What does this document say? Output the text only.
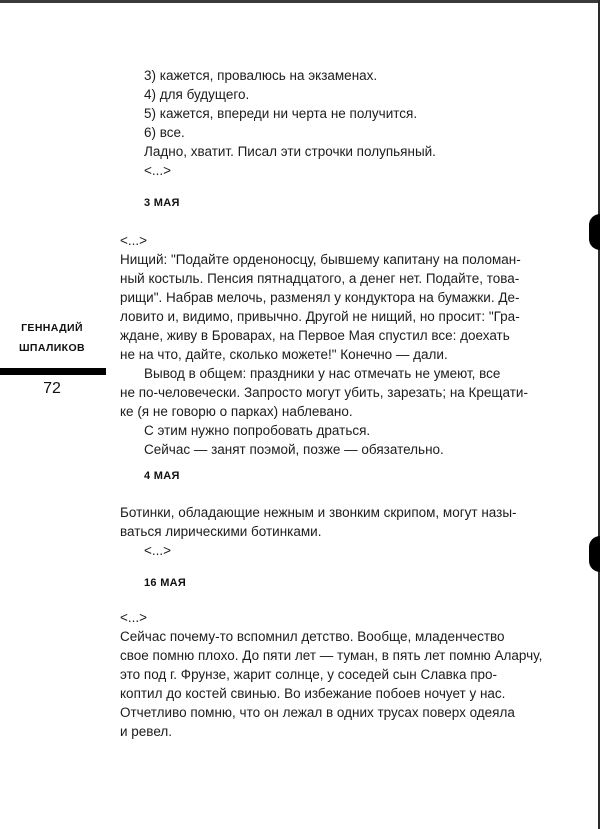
ГЕННАДИЙ
ШПАЛИКОВ
72
3) кажется, провалюсь на экзаменах.
4) для будущего.
5) кажется, впереди ни черта не получится.
6) все.
Ладно, хватит. Писал эти строчки полупьяный.
<...>
3 МАЯ
<...>
Нищий: "Подайте орденоносцу, бывшему капитану на поломан-
ный костыль. Пенсия пятнадцатого, а денег нет. Подайте, това-
рищи". Набрав мелочь, разменял у кондуктора на бумажки. Де-
ловито и, видимо, привычно. Другой не нищий, но просит: "Гра-
ждане, живу в Броварах, на Первое Мая спустил все: доехать
не на что, дайте, сколько можете!" Конечно — дали.
Вывод в общем: праздники у нас отмечать не умеют, все
не по-человечески. Запросто могут убить, зарезать; на Крещати-
ке (я не говорю о парках) наблевано.
С этим нужно попробовать драться.
Сейчас — занят поэмой, позже — обязательно.
4 МАЯ
Ботинки, обладающие нежным и звонким скрипом, могут назы-
ваться лирическими ботинками.
<...>
16 МАЯ
<...>
Сейчас почему-то вспомнил детство. Вообще, младенчество
свое помню плохо. До пяти лет — туман, в пять лет помню Аларчу,
это под г. Фрунзе, жарит солнце, у соседей сын Славка про-
коптил до костей свинью. Во избежание побоев ночует у нас.
Отчетливо помню, что он лежал в одних трусах поверх одеяла
и ревел.
